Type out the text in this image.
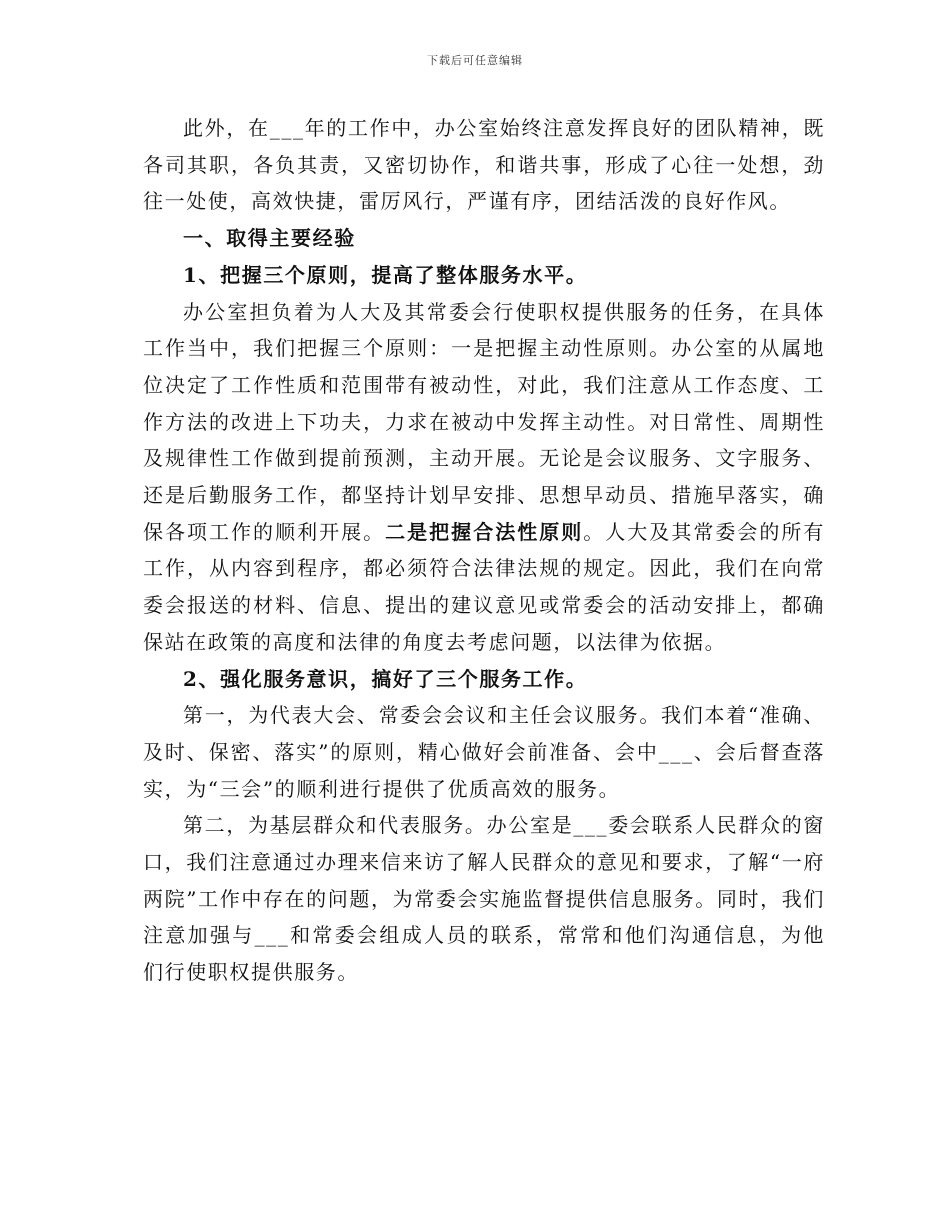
下载后可任意编辑

此外，在___年的工作中，办公室始终注意发挥良好的团队精神，既各司其职，各负其责，又密切协作，和谐共事，形成了心往一处想，劲往一处使，高效快捷，雷厉风行，严谨有序，团结活泼的良好作风。

一、取得主要经验

1、把握三个原则，提高了整体服务水平。

办公室担负着为人大及其常委会行使职权提供服务的任务，在具体工作当中，我们把握三个原则：一是把握主动性原则。办公室的从属地位决定了工作性质和范围带有被动性，对此，我们注意从工作态度、工作方法的改进上下功夫，力求在被动中发挥主动性。对日常性、周期性及规律性工作做到提前预测，主动开展。无论是会议服务、文字服务、还是后勤服务工作，都坚持计划早安排、思想早动员、措施早落实，确保各项工作的顺利开展。二是把握合法性原则。人大及其常委会的所有工作，从内容到程序，都必须符合法律法规的规定。因此，我们在向常委会报送的材料、信息、提出的建议意见或常委会的活动安排上，都确保站在政策的高度和法律的角度去考虑问题，以法律为依据。

2、强化服务意识，搞好了三个服务工作。

第一，为代表大会、常委会会议和主任会议服务。我们本着“准确、及时、保密、落实”的原则，精心做好会前准备、会中___、会后督查落实，为“三会”的顺利进行提供了优质高效的服务。

第二，为基层群众和代表服务。办公室是___委会联系人民群众的窗口，我们注意通过办理来信来访了解人民群众的意见和要求，了解“一府两院”工作中存在的问题，为常委会实施监督提供信息服务。同时，我们注意加强与___和常委会组成人员的联系，常常和他们沟通信息，为他们行使职权提供服务。
